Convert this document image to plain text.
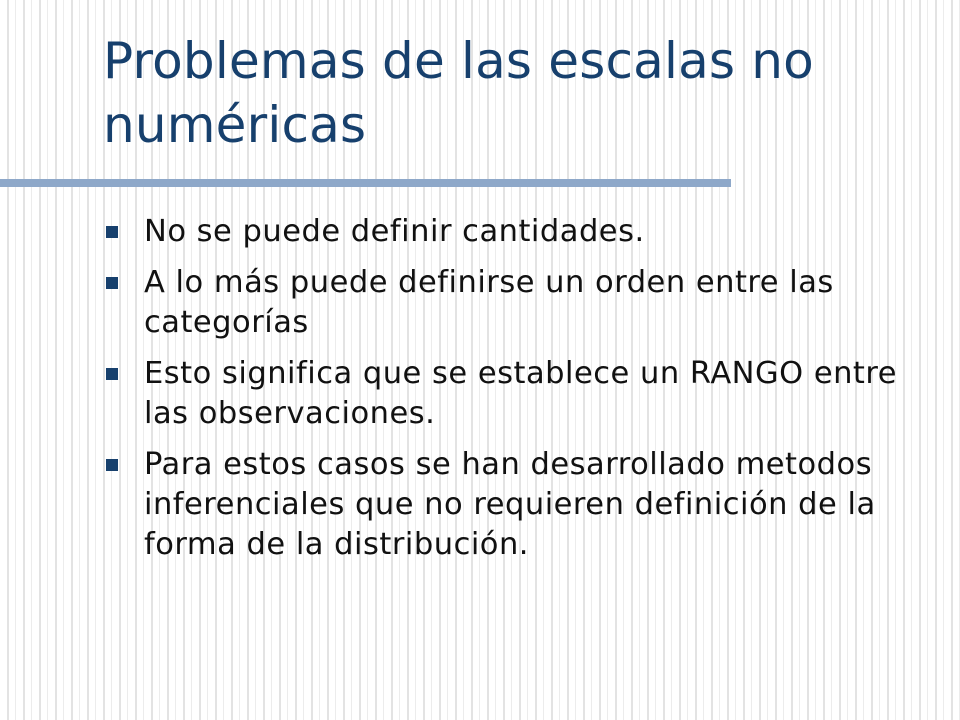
Problemas de las escalas no numéricas
No se puede definir cantidades.
A lo más puede definirse un orden entre las categorías
Esto significa que se establece un RANGO entre las observaciones.
Para estos casos se han desarrollado metodos inferenciales que no requieren definición de la forma de la distribución.
